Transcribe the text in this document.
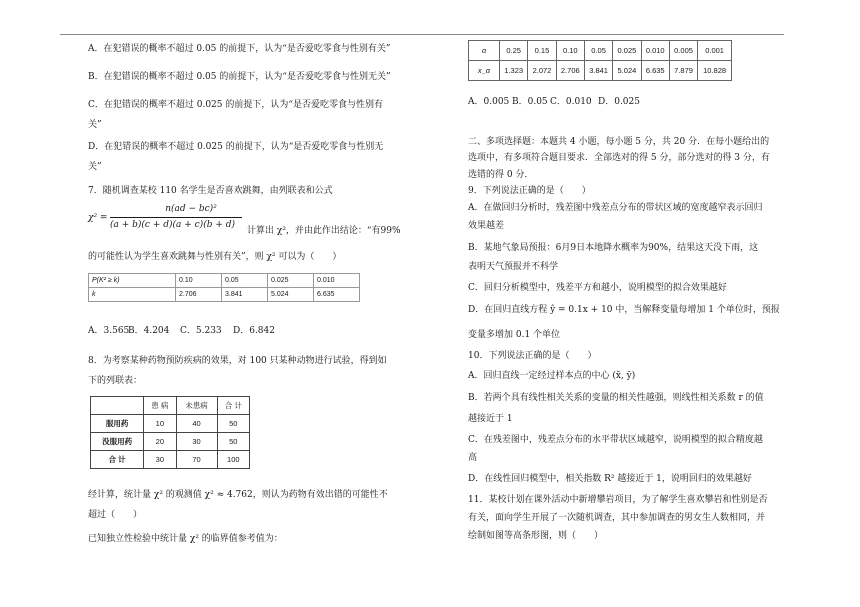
A．在犯错误的概率不超过 0.05 的前提下，认为“是否爱吃零食与性别有关”
B．在犯错误的概率不超过 0.05 的前提下，认为“是否爱吃零食与性别无关”
C．在犯错误的概率不超过 0.025 的前提下，认为“是否爱吃零食与性别有
关”
D．在犯错误的概率不超过 0.025 的前提下，认为“是否爱吃零食与性别无
关”
7．随机调查某校 110 名学生是否喜欢跳舞，由列联表和公式
χ² =
n(ad − bc)²
(a + b)(c + d)(a + c)(b + d)
计算出 χ²，并由此作出结论：“有99%
的可能性认为学生喜欢跳舞与性别有关”，则 χ² 可以为（　　）
P(K² ≥ k)	0.10	0.05	0.025	0.010
k	2.706	3.841	5.024	6.635
A．3.565
B．4.204 C．5.233 D．6.842
8．为考察某种药物预防疾病的效果，对 100 只某种动物进行试验，得到如
下的列联表：
	患 病	未患病	合 计
服用药	10	40	50
没服用药	20	30	50
合 计	30	70	100
经计算，统计量 χ² 的观测值 χ² ≈ 4.762，则认为药物有效出错的可能性不
超过（　　）
已知独立性检验中统计量 χ² 的临界值参考值为：
α	0.25	0.15	0.10	0.05	0.025	0.010	0.005	0.001
x_α	1.323	2.072	2.706	3.841	5.024	6.635	7.879	10.828
A．0.005 B．0.05 C．0.010 D．0.025
二、多项选择题：本题共 4 小题，每小题 5 分，共 20 分．在每小题给出的
选项中，有多项符合题目要求．全部选对的得 5 分，部分选对的得 3 分，有
选错的得 0 分．
9．下列说法正确的是（　　）
A．在做回归分析时，残差图中残差点分布的带状区域的宽度越窄表示回归
效果越差
B．某地气象局预报：6月9日本地降水概率为90%，结果这天没下雨，这
表明天气预报并不科学
C．回归分析模型中，残差平方和越小，说明模型的拟合效果越好
D．在回归直线方程 ŷ = 0.1x + 10 中，当解释变量每增加 1 个单位时，预报
变量多增加 0.1 个单位
10．下列说法正确的是（　　）
A．回归直线一定经过样本点的中心 (x̄, ȳ)
B．若两个具有线性相关关系的变量的相关性越强，则线性相关系数 r 的值
越接近于 1
C．在残差图中，残差点分布的水平带状区域越窄，说明模型的拟合精度越
高
D．在线性回归模型中，相关指数 R² 越接近于 1，说明回归的效果越好
11．某校计划在课外活动中新增攀岩项目，为了解学生喜欢攀岩和性别是否
有关，面向学生开展了一次随机调查，其中参加调查的男女生人数相同，并
绘制如图等高条形图，则（　　）
